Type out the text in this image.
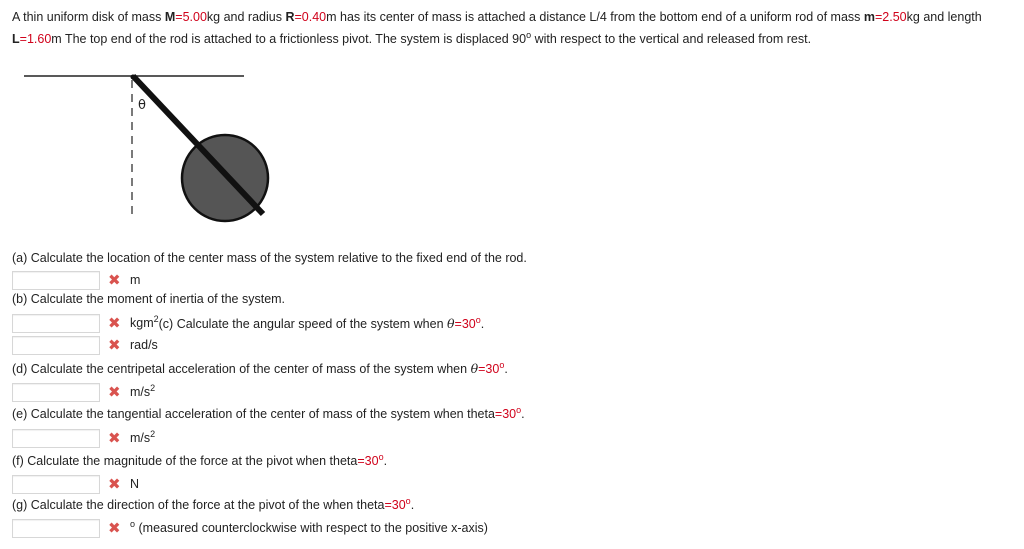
A thin uniform disk of mass M=5.00kg and radius R=0.40m has its center of mass is attached a distance L/4 from the bottom end of a uniform rod of mass m=2.50kg and length L=1.60m The top end of the rod is attached to a frictionless pivot. The system is displaced 90$^o$ with respect to the vertical and released from rest.
θ
(a) Calculate the location of the center mass of the system relative to the fixed end of the rod.
✖ m
(b) Calculate the moment of inertia of the system.
✖ kgm$^2$ (c) Calculate the angular speed of the system when $\theta=30^o$.
✖ rad/s
(d) Calculate the centripetal acceleration of the center of mass of the system when $\theta=30^o$.
✖ $m/s^2$
(e) Calculate the tangential acceleration of the center of mass of the system when $theta=30^o$.
✖ $m/s^2$
(f) Calculate the magnitude of the force at the pivot when $theta=30^o$.
✖ N
(g) Calculate the direction of the force at the pivot of the when $theta=30^o$.
✖ $^o$ (measured counterclockwise with respect to the positive x-axis)
